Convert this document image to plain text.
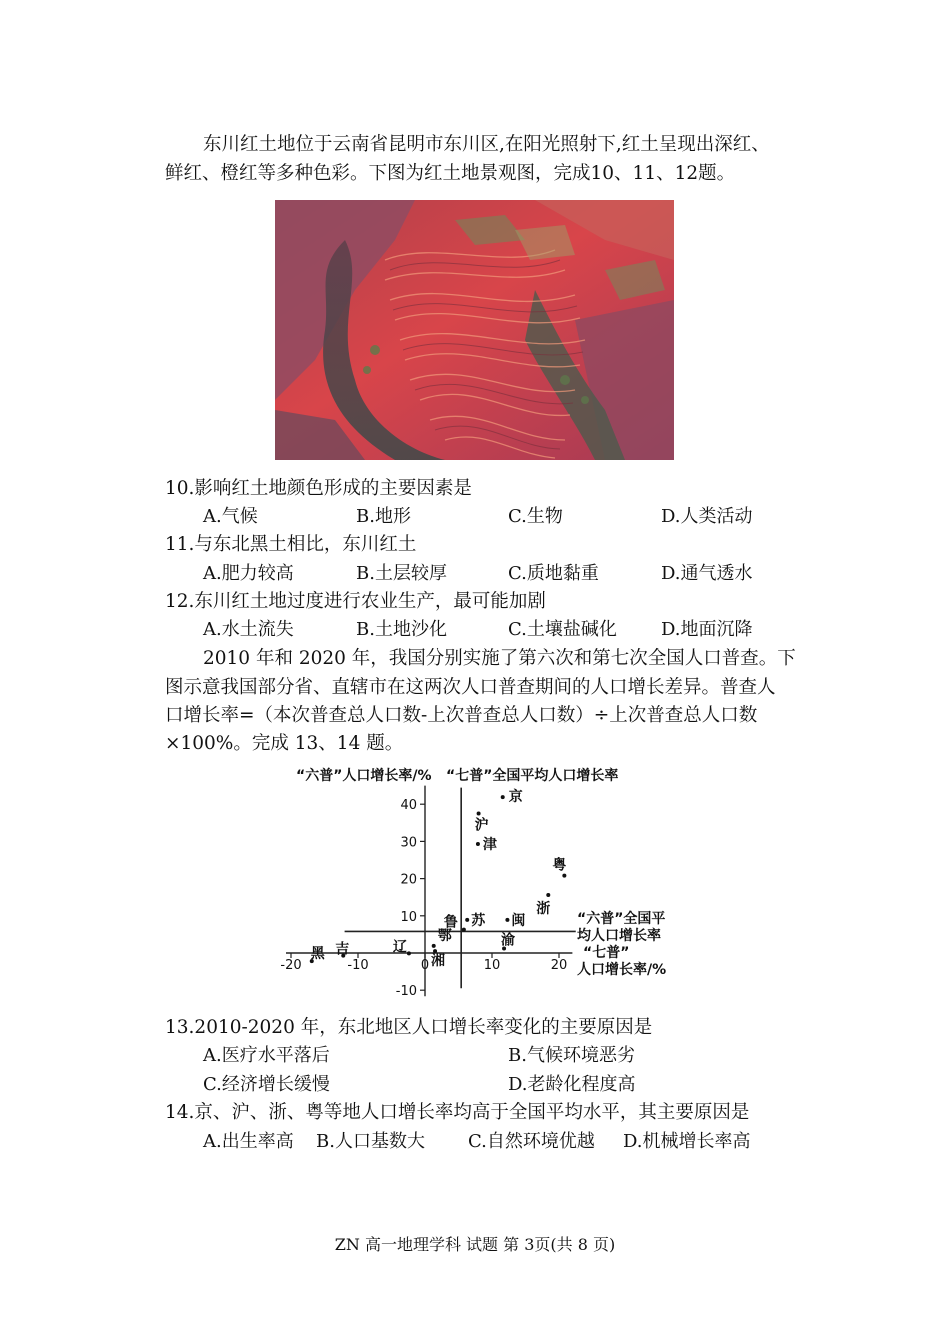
东川红土地位于云南省昆明市东川区,在阳光照射下,红土呈现出深红、
鲜红、橙红等多种色彩。下图为红土地景观图，完成10、11、12题。
10.影响红土地颜色形成的主要因素是
A.气候	B.地形	C.生物	D.人类活动
11.与东北黑土相比，东川红土
A.肥力较高	B.土层较厚	C.质地黏重	D.通气透水
12.东川红土地过度进行农业生产，最可能加剧
A.水土流失	B.土地沙化	C.土壤盐碱化 D.地面沉降
2010 年和 2020 年，我国分别实施了第六次和第七次全国人口普查。下
图示意我国部分省、直辖市在这两次人口普查期间的人口增长差异。普查人
口增长率=（本次普查总人口数-上次普查总人口数）÷上次普查总人口数
×100%。完成 13、14 题。
“六普”人口增长率/% “七普”全国平均人口增长率
“六普”全国平
均人口增长率
“七普”
人口增长率/%
-10
10
20
30
40
-20	-10	0	10	20
京
沪
津
粤
浙
苏 闽
鲁
渝
鄂
湘
黑 吉	辽
13.2010-2020 年，东北地区人口增长率变化的主要原因是
A.医疗水平落后	B.气候环境恶劣
C.经济增长缓慢	D.老龄化程度高
14.京、沪、浙、粤等地人口增长率均高于全国平均水平，其主要原因是
A.出生率高 B.人口基数大 C.自然环境优越 D.机械增长率高
ZN 高一地理学科 试题 第 3页(共 8 页)
